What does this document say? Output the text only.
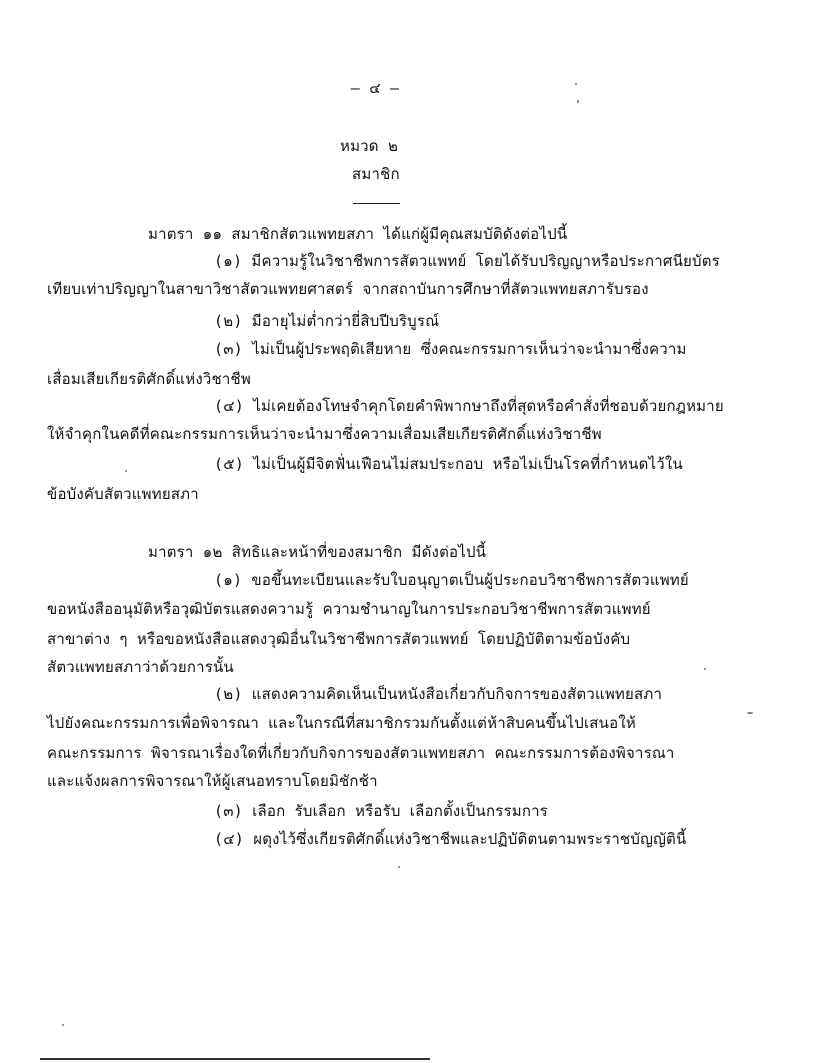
– ๔ –
หมวด ๒
สมาชิก
มาตรา ๑๑ สมาชิกสัตวแพทยสภา ได้แก่ผู้มีคุณสมบัติดังต่อไปนี้
(๑) มีความรู้ในวิชาชีพการสัตวแพทย์ โดยได้รับปริญญาหรือประกาศนียบัตร
เทียบเท่าปริญญาในสาขาวิชาสัตวแพทยศาสตร์ จากสถาบันการศึกษาที่สัตวแพทยสภารับรอง
(๒) มีอายุไม่ต่ำกว่ายี่สิบปีบริบูรณ์
(๓) ไม่เป็นผู้ประพฤติเสียหาย ซึ่งคณะกรรมการเห็นว่าจะนำมาซึ่งความ
เสื่อมเสียเกียรติศักดิ์แห่งวิชาชีพ
(๔) ไม่เคยต้องโทษจำคุกโดยคำพิพากษาถึงที่สุดหรือคำสั่งที่ชอบด้วยกฎหมาย
ให้จำคุกในคดีที่คณะกรรมการเห็นว่าจะนำมาซึ่งความเสื่อมเสียเกียรติศักดิ์แห่งวิชาชีพ
(๕) ไม่เป็นผู้มีจิตฟั่นเฟือนไม่สมประกอบ หรือไม่เป็นโรคที่กำหนดไว้ใน
ข้อบังคับสัตวแพทยสภา
มาตรา ๑๒ สิทธิและหน้าที่ของสมาชิก มีดังต่อไปนี้
(๑) ขอขึ้นทะเบียนและรับใบอนุญาตเป็นผู้ประกอบวิชาชีพการสัตวแพทย์
ขอหนังสืออนุมัติหรือวุฒิบัตรแสดงความรู้ ความชำนาญในการประกอบวิชาชีพการสัตวแพทย์
สาขาต่าง ๆ หรือขอหนังสือแสดงวุฒิอื่นในวิชาชีพการสัตวแพทย์ โดยปฏิบัติตามข้อบังคับ
สัตวแพทยสภาว่าด้วยการนั้น
(๒) แสดงความคิดเห็นเป็นหนังสือเกี่ยวกับกิจการของสัตวแพทยสภา
ไปยังคณะกรรมการเพื่อพิจารณา และในกรณีที่สมาชิกรวมกันตั้งแต่ห้าสิบคนขึ้นไปเสนอให้
คณะกรรมการ พิจารณาเรื่องใดที่เกี่ยวกับกิจการของสัตวแพทยสภา คณะกรรมการต้องพิจารณา
และแจ้งผลการพิจารณาให้ผู้เสนอทราบโดยมิชักช้า
(๓) เลือก รับเลือก หรือรับ เลือกตั้งเป็นกรรมการ
(๔) ผดุงไว้ซึ่งเกียรติศักดิ์แห่งวิชาชีพและปฏิบัติตนตามพระราชบัญญัตินี้
